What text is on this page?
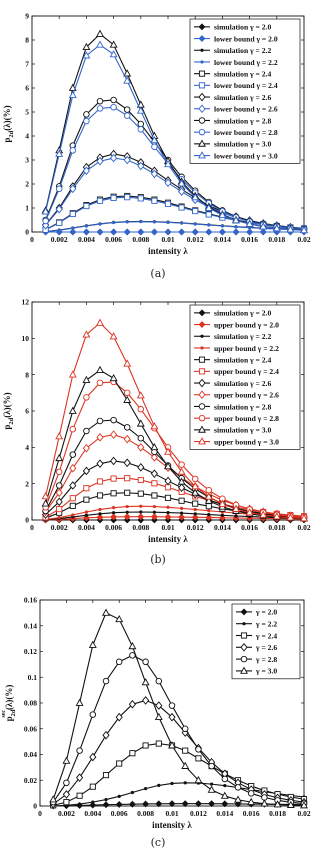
0 0.002 0.004 0.006 0.008 0.01 0.012 0.014 0.016 0.018 0.02
0
1
2
3
4
5
6
7
8
9
intensity λ
$p_{2d}(\lambda)(\%)$
simulation γ = 2.0
lower bound γ = 2.0
simulation γ = 2.2
lower bound γ = 2.2
simulation γ = 2.4
lower bound γ = 2.4
simulation γ = 2.6
lower bound γ = 2.6
simulation γ = 2.8
lower bound γ = 2.8
simulation γ = 3.0
lower bound γ = 3.0
0 0.002 0.004 0.006 0.008 0.01 0.012 0.014 0.016 0.018 0.02
0
2
4
6
8
10
12
intensity λ
$p_{2d}(\lambda)(\%)$
simulation γ = 2.0
upper bound γ = 2.0
simulation γ = 2.2
upper bound γ = 2.2
simulation γ = 2.4
upper bound γ = 2.4
simulation γ = 2.6
upper bound γ = 2.6
simulation γ = 2.8
upper bound γ = 2.8
simulation γ = 3.0
upper bound γ = 3.0
0 0.002 0.004 0.006 0.008 0.01 0.012 0.014 0.016 0.018 0.02
0
0.02
0.04
0.06
0.08
0.1
0.12
0.14
0.16
intensity λ
$p_{2d}\sec(\lambda)(\%)$
γ = 2.0
γ = 2.2
γ = 2.4
γ = 2.6
γ = 2.8
γ = 3.0
(a)
(b)
(c)
